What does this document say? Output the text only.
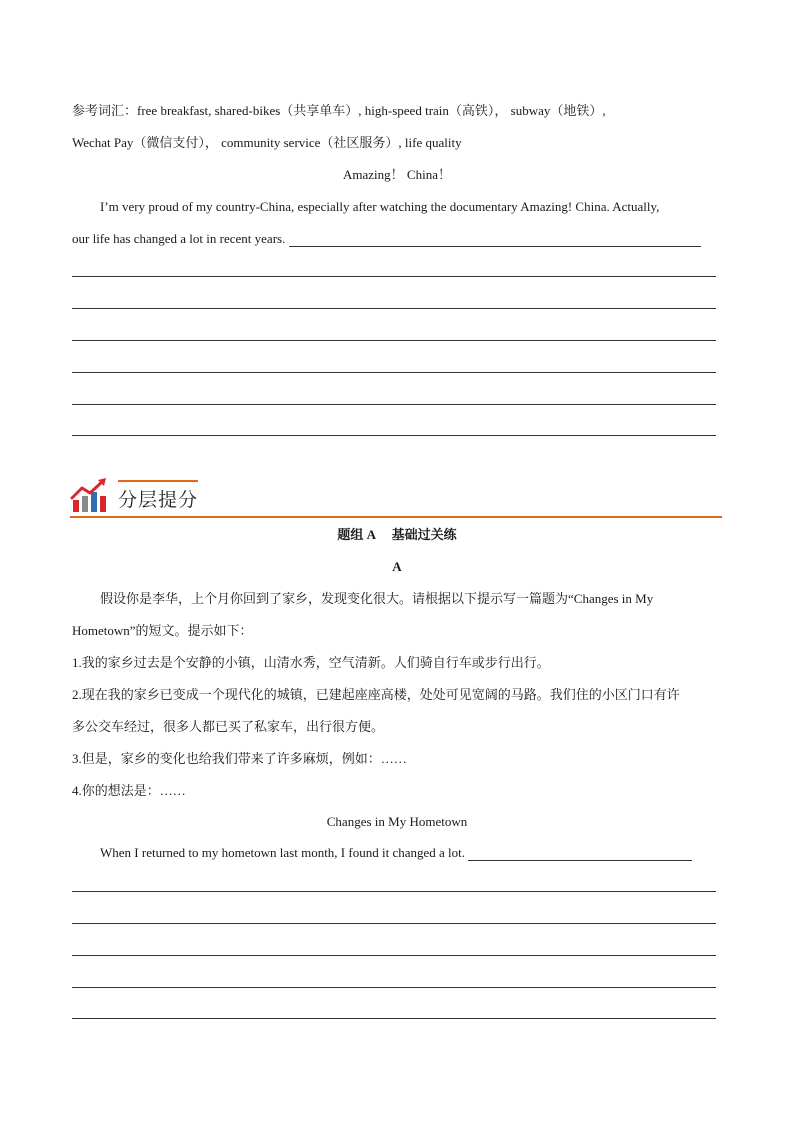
参考词汇：free breakfast, shared-bikes（共享单车）, high-speed train（高铁）， subway（地铁）,
Wechat Pay（微信支付）， community service（社区服务）, life quality
Amazing！ China！
I’m very proud of my country-China, especially after watching the documentary Amazing! China. Actually,
our life has changed a lot in recent years.
分层提分
题组 A　 基础过关练
A
假设你是李华，上个月你回到了家乡，发现变化很大。请根据以下提示写一篇题为“Changes in My
Hometown”的短文。提示如下：
1.我的家乡过去是个安静的小镇，山清水秀，空气清新。人们骑自行车或步行出行。
2.现在我的家乡已变成一个现代化的城镇，已建起座座高楼，处处可见宽阔的马路。我们住的小区门口有许
多公交车经过，很多人都已买了私家车，出行很方便。
3.但是，家乡的变化也给我们带来了许多麻烦，例如：……
4.你的想法是：……
Changes in My Hometown
When I returned to my hometown last month, I found it changed a lot.
